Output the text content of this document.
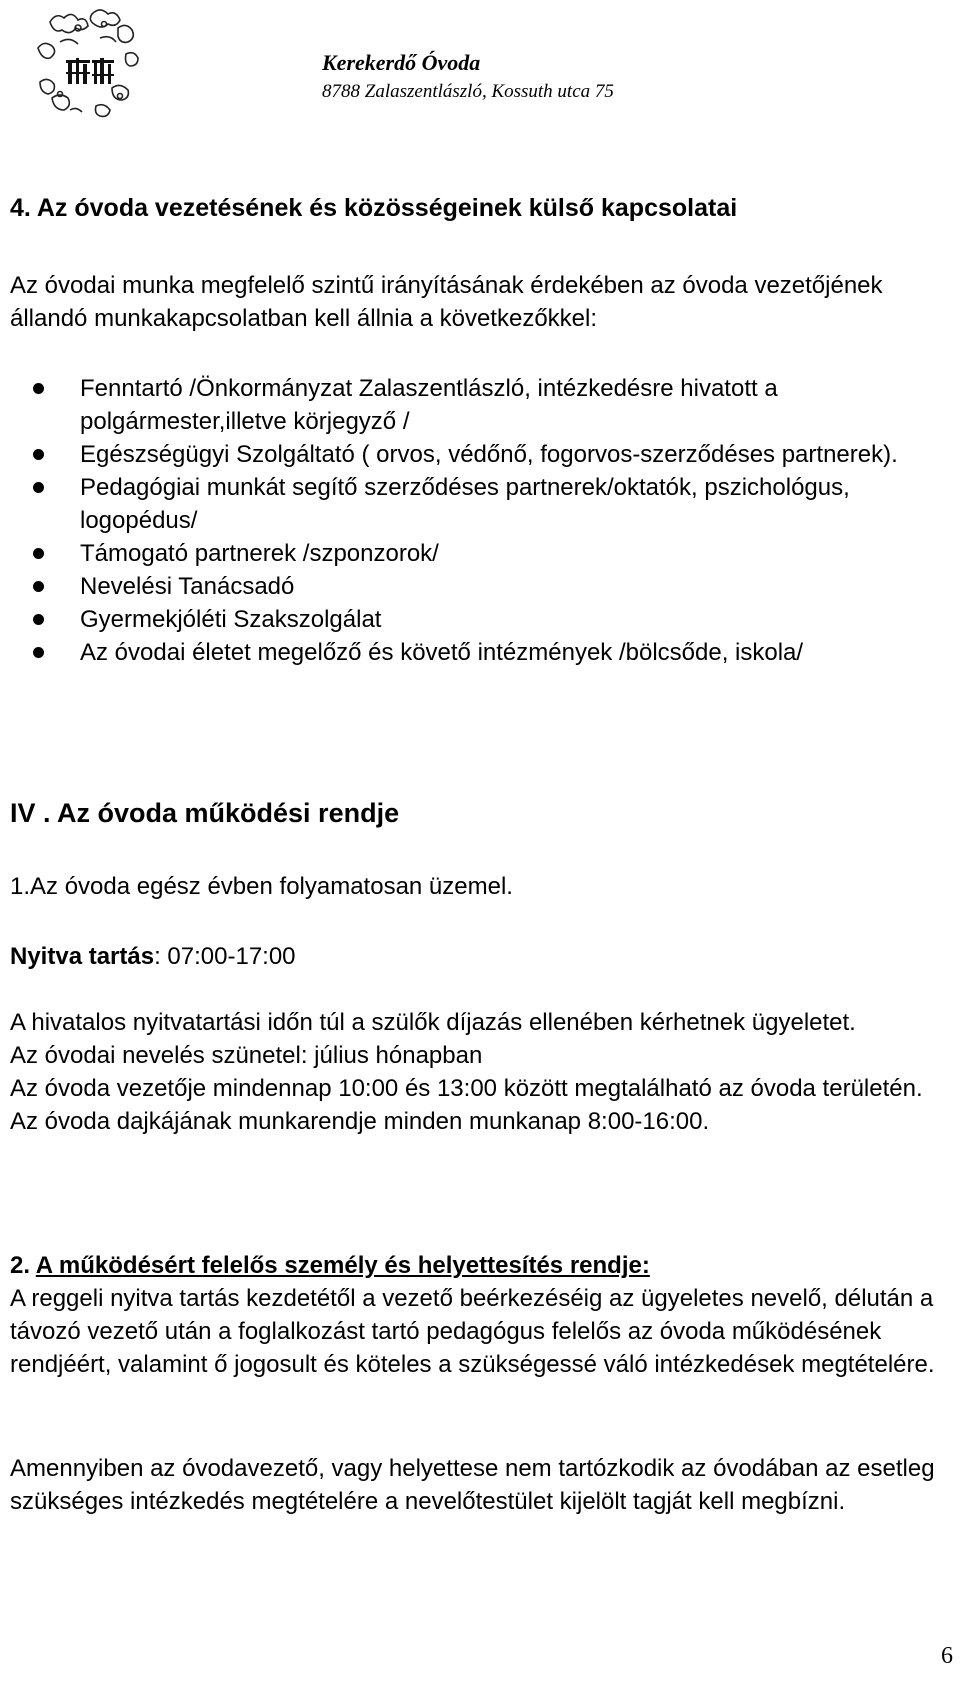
Kerekerdő Óvoda
8788 Zalaszentlászló, Kossuth utca 75
4. Az óvoda vezetésének és közösségeinek külső kapcsolatai
Az óvodai munka megfelelő szintű irányításának érdekében az óvoda vezetőjének állandó munkakapcsolatban kell állnia a következőkkel:
Fenntartó /Önkormányzat Zalaszentlászló, intézkedésre hivatott a polgármester,illetve körjegyző /
Egészségügyi Szolgáltató ( orvos, védőnő, fogorvos-szerződéses partnerek).
Pedagógiai munkát segítő szerződéses partnerek/oktatók, pszichológus, logopédus/
Támogató partnerek /szponzorok/
Nevelési Tanácsadó
Gyermekjóléti Szakszolgálat
Az óvodai életet megelőző és követő intézmények /bölcsőde, iskola/
IV . Az óvoda működési rendje
1.Az óvoda egész évben folyamatosan üzemel.
Nyitva tartás: 07:00-17:00
A hivatalos nyitvatartási időn túl a szülők díjazás ellenében kérhetnek ügyeletet.
Az óvodai nevelés szünetel: július hónapban
Az óvoda vezetője mindennap 10:00 és 13:00 között megtalálható az óvoda területén.
Az óvoda dajkájának munkarendje minden munkanap 8:00-16:00.
2. A működésért felelős személy és helyettesítés rendje:
A reggeli nyitva tartás kezdetétől a vezető beérkezéséig az ügyeletes nevelő, délután a távozó vezető után a foglalkozást tartó pedagógus felelős az óvoda működésének rendjéért, valamint ő jogosult és köteles a szükségessé váló intézkedések megtételére.
Amennyiben az óvodavezető, vagy helyettese nem tartózkodik az óvodában az esetleg szükséges intézkedés megtételére a nevelőtestület kijelölt tagját kell megbízni.
6
